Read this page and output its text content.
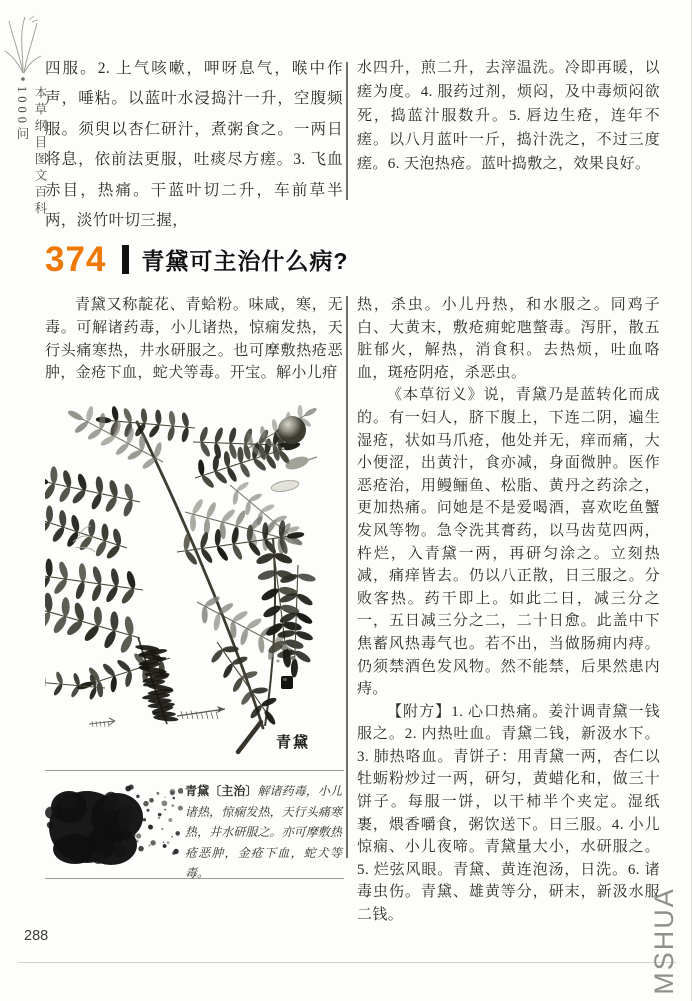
本草纲目图文百科1000问

四服。2. 上气咳嗽，呷呀息气，喉中作声，唾粘。以蓝叶水浸捣汁一升，空腹频服。须臾以杏仁研汁，煮粥食之。一两日将息，依前法更服，吐痰尽方瘥。3. 飞血赤目，热痛。干蓝叶切二升，车前草半两，淡竹叶切三握，

水四升，煎二升，去滓温洗。冷即再暖，以瘥为度。4. 服药过剂，烦闷，及中毒烦闷欲死，捣蓝汁服数升。5. 唇边生疮，连年不瘥。以八月蓝叶一斤，捣汁洗之，不过三度瘥。6. 天泡热疮。蓝叶捣敷之，效果良好。

374 青黛可主治什么病?

青黛又称靛花、青蛤粉。味咸，寒，无毒。可解诸药毒，小儿诸热，惊痫发热，天行头痛寒热，井水研服之。也可摩敷热疮恶肿，金疮下血，蛇犬等毒。开宝。解小儿疳

热，杀虫。小儿丹热，和水服之。同鸡子白、大黄末，敷疮痈蛇虺螫毒。泻肝，散五脏郁火，解热，消食积。去热烦，吐血咯血，斑疮阴疮，杀恶虫。

《本草衍义》说，青黛乃是蓝转化而成的。有一妇人，脐下腹上，下连二阴，遍生湿疮，状如马爪疮，他处并无，痒而痛，大小便涩，出黄汁，食亦减，身面微肿。医作恶疮治，用鳗鲡鱼、松脂、黄丹之药涂之，更加热痛。问她是不是爱喝酒，喜欢吃鱼蟹发风等物。急令洗其膏药，以马齿苋四两，杵烂，入青黛一两，再研匀涂之。立刻热减，痛痒皆去。仍以八正散，日三服之。分败客热。药干即上。如此二日，减三分之一，五日减三分之二，二十日愈。此盖中下焦蓄风热毒气也。若不出，当做肠痈内痔。仍须禁酒色发风物。然不能禁，后果然患内痔。

【附方】1. 心口热痛。姜汁调青黛一钱服之。2. 内热吐血。青黛二钱，新汲水下。3. 肺热咯血。青饼子：用青黛一两，杏仁以牡蛎粉炒过一两，研匀，黄蜡化和，做三十饼子。每服一饼，以干柿半个夹定。湿纸裹，煨香嚼食，粥饮送下。日三服。4. 小儿惊痫、小儿夜啼。青黛量大小，水研服之。5. 烂弦风眼。青黛、黄连泡汤，日洗。6. 诸毒虫伤。青黛、雄黄等分，研末，新汲水服二钱。

青黛
青黛〔主治〕解诸药毒，小儿诸热，惊痫发热，天行头痛寒热，井水研服之。亦可摩敷热疮恶肿，金疮下血，蛇犬等毒。
288	MSHUA
